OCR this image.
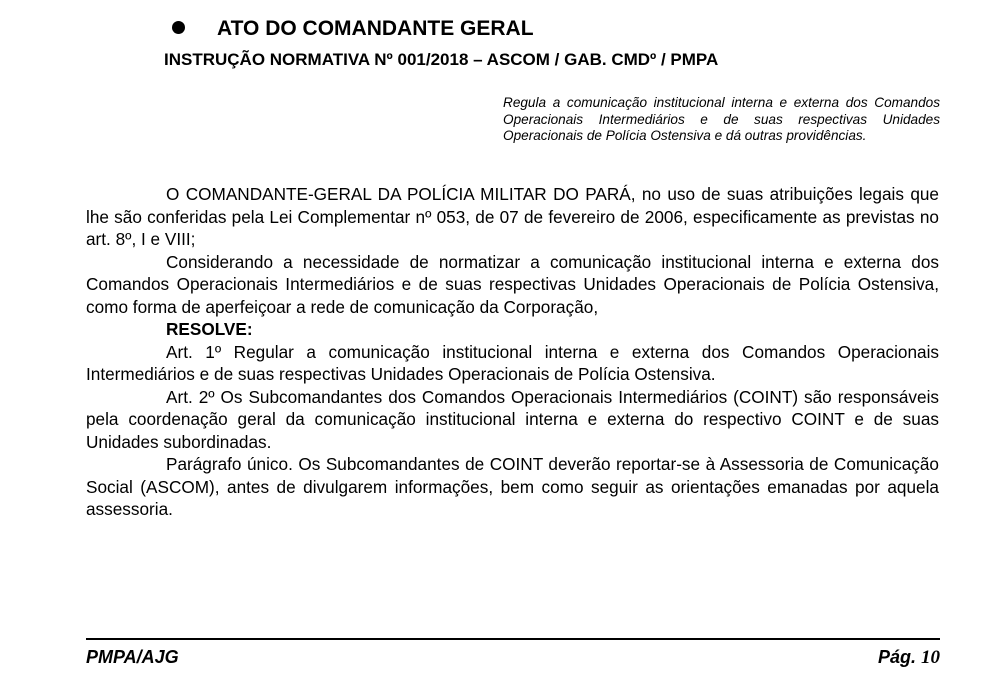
ATO DO COMANDANTE GERAL
INSTRUÇÃO NORMATIVA Nº 001/2018 – ASCOM / GAB. CMDº / PMPA
Regula a comunicação institucional interna e externa dos Comandos Operacionais Intermediários e de suas respectivas Unidades Operacionais de Polícia Ostensiva e dá outras providências.

O COMANDANTE-GERAL DA POLÍCIA MILITAR DO PARÁ, no uso de suas atribuições legais que lhe são conferidas pela Lei Complementar nº 053, de 07 de fevereiro de 2006, especificamente as previstas no art. 8º, I e VIII;

Considerando a necessidade de normatizar a comunicação institucional interna e externa dos Comandos Operacionais Intermediários e de suas respectivas Unidades Operacionais de Polícia Ostensiva, como forma de aperfeiçoar a rede de comunicação da Corporação,

RESOLVE:

Art. 1º Regular a comunicação institucional interna e externa dos Comandos Operacionais Intermediários e de suas respectivas Unidades Operacionais de Polícia Ostensiva.

Art. 2º Os Subcomandantes dos Comandos Operacionais Intermediários (COINT) são responsáveis pela coordenação geral da comunicação institucional interna e externa do respectivo COINT e de suas Unidades subordinadas.

Parágrafo único. Os Subcomandantes de COINT deverão reportar-se à Assessoria de Comunicação Social (ASCOM), antes de divulgarem informações, bem como seguir as orientações emanadas por aquela assessoria.

PMPA/AJG	Pág. 10
